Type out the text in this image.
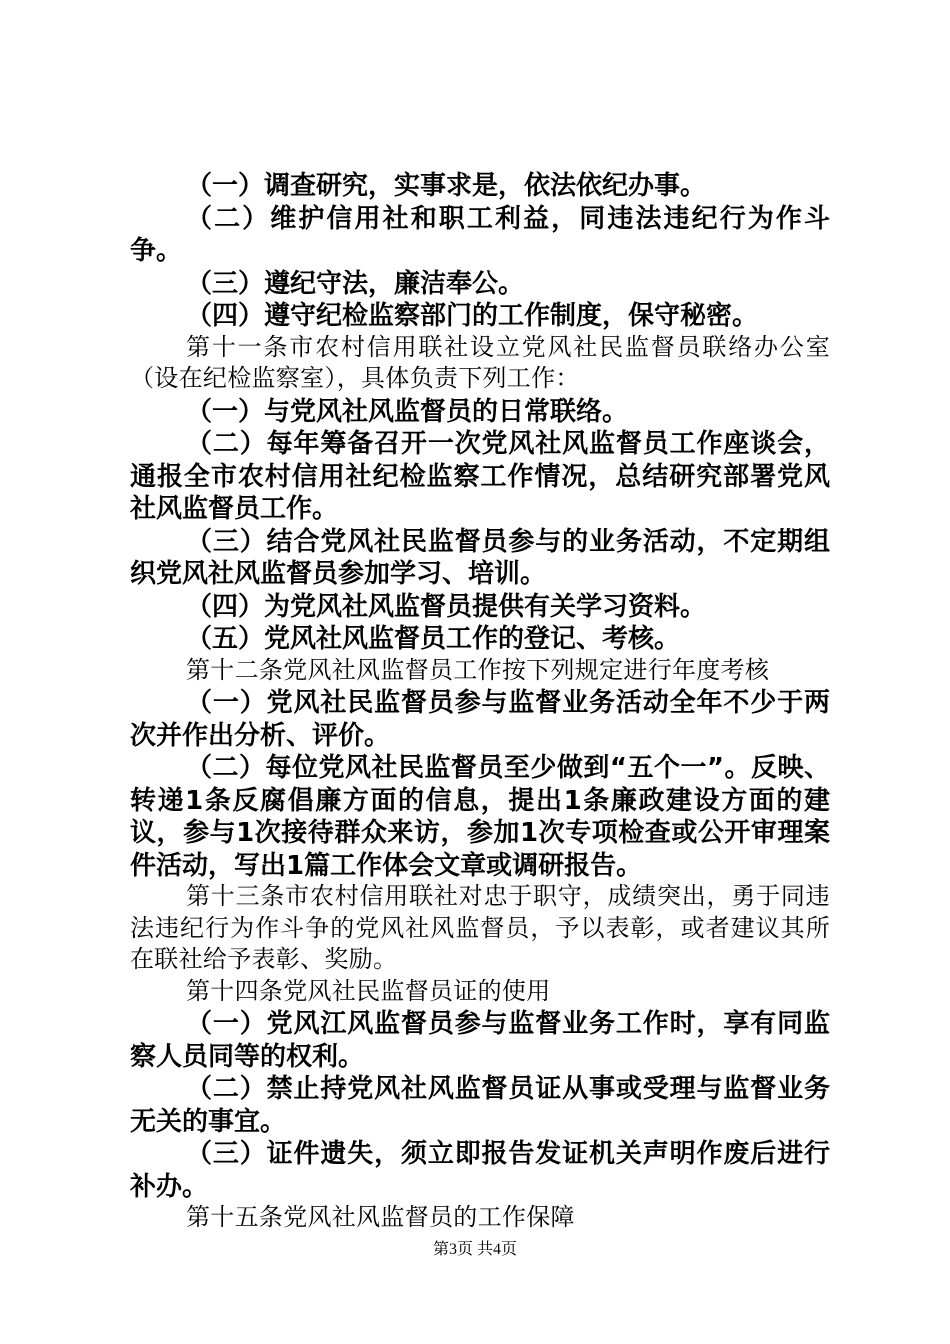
（一）调查研究，实事求是，依法依纪办事。

（二）维护信用社和职工利益，同违法违纪行为作斗争。

（三）遵纪守法，廉洁奉公。

（四）遵守纪检监察部门的工作制度，保守秘密。

第十一条市农村信用联社设立党风社民监督员联络办公室（设在纪检监察室），具体负责下列工作：

（一）与党风社风监督员的日常联络。

（二）每年筹备召开一次党风社风监督员工作座谈会，通报全市农村信用社纪检监察工作情况，总结研究部署党风社风监督员工作。

（三）结合党风社民监督员参与的业务活动，不定期组织党风社风监督员参加学习、培训。

（四）为党风社风监督员提供有关学习资料。

（五）党风社风监督员工作的登记、考核。

第十二条党风社风监督员工作按下列规定进行年度考核

（一）党风社民监督员参与监督业务活动全年不少于两次并作出分析、评价。

（二）每位党风社民监督员至少做到“五个一”。反映、转递1条反腐倡廉方面的信息，提出1条廉政建设方面的建议，参与1次接待群众来访，参加1次专项检查或公开审理案件活动，写出1篇工作体会文章或调研报告。

第十三条市农村信用联社对忠于职守，成绩突出，勇于同违法违纪行为作斗争的党风社风监督员，予以表彰，或者建议其所在联社给予表彰、奖励。

第十四条党风社民监督员证的使用

（一）党风江风监督员参与监督业务工作时，享有同监察人员同等的权利。

（二）禁止持党风社风监督员证从事或受理与监督业务无关的事宜。

（三）证件遗失，须立即报告发证机关声明作废后进行补办。

第十五条党风社风监督员的工作保障

第3页 共4页
